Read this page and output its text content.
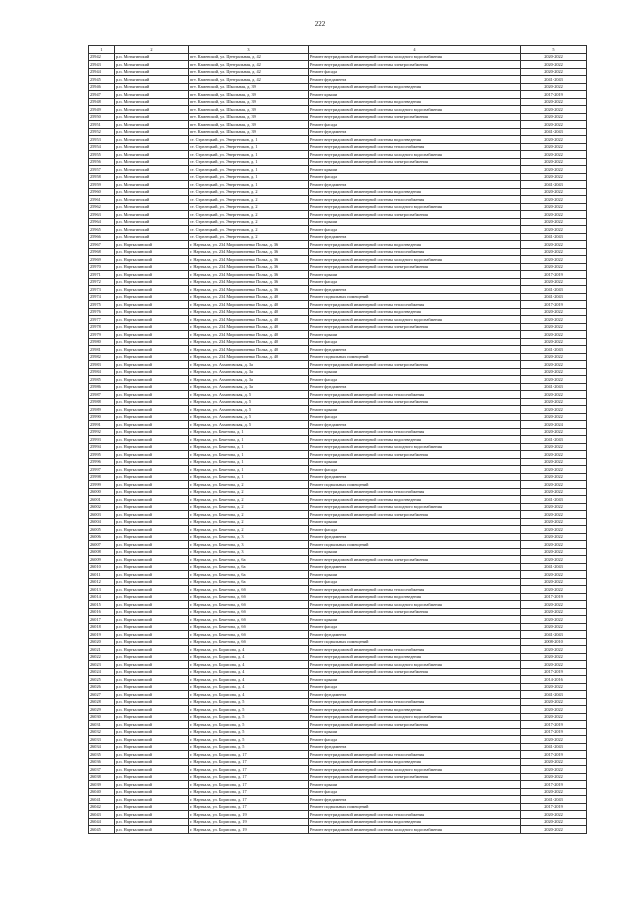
222
1	2	3	4	5
25942	р.п. Мотыгинский	пгт. Каменский, ул. Центральная, д. 42	Ремонт внутридомовой инженерной системы холодного водоснабжения	2020-2022
25943	р.п. Мотыгинский	пгт. Каменский, ул. Центральная, д. 42	Ремонт внутридомовой инженерной системы электроснабжения	2020-2022
25944	р.п. Мотыгинский	пгт. Каменский, ул. Центральная, д. 42	Ремонт фасада	2020-2022
25945	р.п. Мотыгинский	пгт. Каменский, ул. Центральная, д. 42	Ремонт фундамента	2041-2043
25946	р.п. Мотыгинский	пгт. Каменский, ул. Школьная, д. 39	Ремонт внутридомовой инженерной системы водоотведения	2020-2022
25947	р.п. Мотыгинский	пгт. Каменский, ул. Школьная, д. 39	Ремонт крыши	2017-2019
25948	р.п. Мотыгинский	пгт. Каменский, ул. Школьная, д. 39	Ремонт внутридомовой инженерной системы водоотведения	2020-2022
25949	р.п. Мотыгинский	пгт. Каменский, ул. Школьная, д. 39	Ремонт внутридомовой инженерной системы холодного водоснабжения	2020-2022
25950	р.п. Мотыгинский	пгт. Каменский, ул. Школьная, д. 39	Ремонт внутридомовой инженерной системы электроснабжения	2020-2022
25951	р.п. Мотыгинский	пгт. Каменский, ул. Школьная, д. 39	Ремонт фасада	2020-2022
25952	р.п. Мотыгинский	пгт. Каменский, ул. Школьная, д. 39	Ремонт фундамента	2041-2043
25953	р.п. Мотыгинский	ст. Стрелецкий, ул. Энергетиков, д. 1	Ремонт внутридомовой инженерной системы водоотведения	2020-2022
25954	р.п. Мотыгинский	ст. Стрелецкий, ул. Энергетиков, д. 1	Ремонт внутридомовой инженерной системы теплоснабжения	2020-2022
25955	р.п. Мотыгинский	ст. Стрелецкий, ул. Энергетиков, д. 1	Ремонт внутридомовой инженерной системы холодного водоснабжения	2020-2022
25956	р.п. Мотыгинский	ст. Стрелецкий, ул. Энергетиков, д. 1	Ремонт внутридомовой инженерной системы электроснабжения	2020-2022
25957	р.п. Мотыгинский	ст. Стрелецкий, ул. Энергетиков, д. 1	Ремонт крыши	2020-2022
25958	р.п. Мотыгинский	ст. Стрелецкий, ул. Энергетиков, д. 1	Ремонт фасада	2020-2022
25959	р.п. Мотыгинский	ст. Стрелецкий, ул. Энергетиков, д. 1	Ремонт фундамента	2041-2043
25960	р.п. Мотыгинский	ст. Стрелецкий, ул. Энергетиков, д. 2	Ремонт внутридомовой инженерной системы водоотведения	2020-2022
25961	р.п. Мотыгинский	ст. Стрелецкий, ул. Энергетиков, д. 2	Ремонт внутридомовой инженерной системы теплоснабжения	2020-2022
25962	р.п. Мотыгинский	ст. Стрелецкий, ул. Энергетиков, д. 2	Ремонт внутридомовой инженерной системы холодного водоснабжения	2020-2022
25963	р.п. Мотыгинский	ст. Стрелецкий, ул. Энергетиков, д. 2	Ремонт внутридомовой инженерной системы электроснабжения	2020-2022
25964	р.п. Мотыгинский	ст. Стрелецкий, ул. Энергетиков, д. 2	Ремонт крыши	2020-2022
25965	р.п. Мотыгинский	ст. Стрелецкий, ул. Энергетиков, д. 2	Ремонт фасада	2020-2022
25966	р.п. Мотыгинский	ст. Стрелецкий, ул. Энергетиков, д. 2	Ремонт фундамента	2041-2043
25967	р.п. Нарткалинский	г. Нарткала, ул. 234 Мирошниченко Полка, д. 36	Ремонт внутридомовой инженерной системы водоотведения	2020-2022
25968	р.п. Нарткалинский	г. Нарткала, ул. 234 Мирошниченко Полка, д. 36	Ремонт внутридомовой инженерной системы теплоснабжения	2020-2022
25969	р.п. Нарткалинский	г. Нарткала, ул. 234 Мирошниченко Полка, д. 36	Ремонт внутридомовой инженерной системы холодного водоснабжения	2020-2022
25970	р.п. Нарткалинский	г. Нарткала, ул. 234 Мирошниченко Полка, д. 36	Ремонт внутридомовой инженерной системы электроснабжения	2020-2022
25971	р.п. Нарткалинский	г. Нарткала, ул. 234 Мирошниченко Полка, д. 36	Ремонт крыши	2017-2019
25972	р.п. Нарткалинский	г. Нарткала, ул. 234 Мирошниченко Полка, д. 36	Ремонт фасада	2020-2022
25973	р.п. Нарткалинский	г. Нарткала, ул. 234 Мирошниченко Полка, д. 36	Ремонт фундамента	2041-2043
25974	р.п. Нарткалинский	г. Нарткала, ул. 234 Мирошниченко Полка, д. 40	Ремонт подвальных помещений	2041-2043
25975	р.п. Нарткалинский	г. Нарткала, ул. 234 Мирошниченко Полка, д. 40	Ремонт внутридомовой инженерной системы теплоснабжения	2017-2019
25976	р.п. Нарткалинский	г. Нарткала, ул. 234 Мирошниченко Полка, д. 40	Ремонт внутридомовой инженерной системы водоотведения	2020-2022
25977	р.п. Нарткалинский	г. Нарткала, ул. 234 Мирошниченко Полка, д. 40	Ремонт внутридомовой инженерной системы холодного водоснабжения	2020-2022
25978	р.п. Нарткалинский	г. Нарткала, ул. 234 Мирошниченко Полка, д. 40	Ремонт внутридомовой инженерной системы электроснабжения	2020-2022
25979	р.п. Нарткалинский	г. Нарткала, ул. 234 Мирошниченко Полка, д. 40	Ремонт крыши	2020-2022
25980	р.п. Нарткалинский	г. Нарткала, ул. 234 Мирошниченко Полка, д. 40	Ремонт фасада	2020-2022
25981	р.п. Нарткалинский	г. Нарткала, ул. 234 Мирошниченко Полка, д. 40	Ремонт фундамента	2041-2043
25982	р.п. Нарткалинский	г. Нарткала, ул. 234 Мирошниченко Полка, д. 40	Ремонт подвальных помещений	2020-2022
25983	р.п. Нарткалинский	г. Нарткала, ул. Ахматовская, д. 3а	Ремонт внутридомовой инженерной системы электроснабжения	2020-2022
25984	р.п. Нарткалинский	г. Нарткала, ул. Ахматовская, д. 3а	Ремонт крыши	2020-2022
25985	р.п. Нарткалинский	г. Нарткала, ул. Ахматовская, д. 3а	Ремонт фасада	2020-2022
25986	р.п. Нарткалинский	г. Нарткала, ул. Ахматовская, д. 3а	Ремонт фундамента	2041-2043
25987	р.п. Нарткалинский	г. Нарткала, ул. Ахматовская, д. 5	Ремонт внутридомовой инженерной системы теплоснабжения	2020-2022
25988	р.п. Нарткалинский	г. Нарткала, ул. Ахматовская, д. 5	Ремонт внутридомовой инженерной системы электроснабжения	2020-2022
25989	р.п. Нарткалинский	г. Нарткала, ул. Ахматовская, д. 5	Ремонт крыши	2020-2022
25990	р.п. Нарткалинский	г. Нарткала, ул. Ахматовская, д. 5	Ремонт фасада	2020-2022
25991	р.п. Нарткалинский	г. Нарткала, ул. Ахматовская, д. 5	Ремонт фундамента	2020-2024
25992	р.п. Нарткалинский	г. Нарткала, ул. Бекетова, д. 1	Ремонт внутридомовой инженерной системы теплоснабжения	2020-2022
25993	р.п. Нарткалинский	г. Нарткала, ул. Бекетова, д. 1	Ремонт внутридомовой инженерной системы водоотведения	2041-2043
25994	р.п. Нарткалинский	г. Нарткала, ул. Бекетова, д. 1	Ремонт внутридомовой инженерной системы холодного водоснабжения	2020-2022
25995	р.п. Нарткалинский	г. Нарткала, ул. Бекетова, д. 1	Ремонт внутридомовой инженерной системы электроснабжения	2020-2022
25996	р.п. Нарткалинский	г. Нарткала, ул. Бекетова, д. 1	Ремонт крыши	2020-2022
25997	р.п. Нарткалинский	г. Нарткала, ул. Бекетова, д. 1	Ремонт фасада	2020-2022
25998	р.п. Нарткалинский	г. Нарткала, ул. Бекетова, д. 1	Ремонт фундамента	2020-2022
25999	р.п. Нарткалинский	г. Нарткала, ул. Бекетова, д. 2	Ремонт подвальных помещений	2020-2022
26000	р.п. Нарткалинский	г. Нарткала, ул. Бекетова, д. 2	Ремонт внутридомовой инженерной системы теплоснабжения	2020-2022
26001	р.п. Нарткалинский	г. Нарткала, ул. Бекетова, д. 2	Ремонт внутридомовой инженерной системы водоотведения	2041-2043
26002	р.п. Нарткалинский	г. Нарткала, ул. Бекетова, д. 2	Ремонт внутридомовой инженерной системы холодного водоснабжения	2020-2022
26003	р.п. Нарткалинский	г. Нарткала, ул. Бекетова, д. 2	Ремонт внутридомовой инженерной системы электроснабжения	2020-2022
26004	р.п. Нарткалинский	г. Нарткала, ул. Бекетова, д. 2	Ремонт крыши	2020-2022
26005	р.п. Нарткалинский	г. Нарткала, ул. Бекетова, д. 2	Ремонт фасада	2020-2022
26006	р.п. Нарткалинский	г. Нарткала, ул. Бекетова, д. 3	Ремонт фундамента	2020-2022
26007	р.п. Нарткалинский	г. Нарткала, ул. Бекетова, д. 3	Ремонт подвальных помещений	2020-2022
26008	р.п. Нарткалинский	г. Нарткала, ул. Бекетова, д. 3	Ремонт крыши	2020-2022
26009	р.п. Нарткалинский	г. Нарткала, ул. Бекетова, д. 6а	Ремонт внутридомовой инженерной системы электроснабжения	2020-2022
26010	р.п. Нарткалинский	г. Нарткала, ул. Бекетова, д. 6а	Ремонт фундамента	2041-2043
26011	р.п. Нарткалинский	г. Нарткала, ул. Бекетова, д. 6а	Ремонт крыши	2020-2022
26012	р.п. Нарткалинский	г. Нарткала, ул. Бекетова, д. 6а	Ремонт фасада	2020-2022
26013	р.п. Нарткалинский	г. Нарткала, ул. Бекетова, д. 6б	Ремонт внутридомовой инженерной системы теплоснабжения	2020-2022
26014	р.п. Нарткалинский	г. Нарткала, ул. Бекетова, д. 6б	Ремонт внутридомовой инженерной системы водоотведения	2017-2019
26015	р.п. Нарткалинский	г. Нарткала, ул. Бекетова, д. 6б	Ремонт внутридомовой инженерной системы холодного водоснабжения	2020-2022
26016	р.п. Нарткалинский	г. Нарткала, ул. Бекетова, д. 6б	Ремонт внутридомовой инженерной системы электроснабжения	2020-2022
26017	р.п. Нарткалинский	г. Нарткала, ул. Бекетова, д. 6б	Ремонт крыши	2020-2022
26018	р.п. Нарткалинский	г. Нарткала, ул. Бекетова, д. 6б	Ремонт фасада	2020-2022
26019	р.п. Нарткалинский	г. Нарткала, ул. Бекетова, д. 6б	Ремонт фундамента	2041-2043
26020	р.п. Нарткалинский	г. Нарткала, ул. Бекетова, д. 6б	Ремонт подвальных помещений	2008-2010
26021	р.п. Нарткалинский	г. Нарткала, ул. Борисова, д. 4	Ремонт внутридомовой инженерной системы теплоснабжения	2020-2022
26022	р.п. Нарткалинский	г. Нарткала, ул. Борисова, д. 4	Ремонт внутридомовой инженерной системы водоотведения	2020-2022
26023	р.п. Нарткалинский	г. Нарткала, ул. Борисова, д. 4	Ремонт внутридомовой инженерной системы холодного водоснабжения	2020-2022
26024	р.п. Нарткалинский	г. Нарткала, ул. Борисова, д. 4	Ремонт внутридомовой инженерной системы электроснабжения	2017-2019
26025	р.п. Нарткалинский	г. Нарткала, ул. Борисова, д. 4	Ремонт крыши	2014-2016
26026	р.п. Нарткалинский	г. Нарткала, ул. Борисова, д. 4	Ремонт фасада	2020-2022
26027	р.п. Нарткалинский	г. Нарткала, ул. Борисова, д. 4	Ремонт фундамента	2041-2043
26028	р.п. Нарткалинский	г. Нарткала, ул. Борисова, д. 5	Ремонт внутридомовой инженерной системы теплоснабжения	2020-2022
26029	р.п. Нарткалинский	г. Нарткала, ул. Борисова, д. 5	Ремонт внутридомовой инженерной системы водоотведения	2020-2022
26030	р.п. Нарткалинский	г. Нарткала, ул. Борисова, д. 5	Ремонт внутридомовой инженерной системы холодного водоснабжения	2020-2022
26031	р.п. Нарткалинский	г. Нарткала, ул. Борисова, д. 5	Ремонт внутридомовой инженерной системы электроснабжения	2017-2019
26032	р.п. Нарткалинский	г. Нарткала, ул. Борисова, д. 5	Ремонт крыши	2017-2019
26033	р.п. Нарткалинский	г. Нарткала, ул. Борисова, д. 5	Ремонт фасада	2020-2022
26034	р.п. Нарткалинский	г. Нарткала, ул. Борисова, д. 5	Ремонт фундамента	2041-2043
26035	р.п. Нарткалинский	г. Нарткала, ул. Борисова, д. 17	Ремонт внутридомовой инженерной системы теплоснабжения	2017-2019
26036	р.п. Нарткалинский	г. Нарткала, ул. Борисова, д. 17	Ремонт внутридомовой инженерной системы водоотведения	2020-2022
26037	р.п. Нарткалинский	г. Нарткала, ул. Борисова, д. 17	Ремонт внутридомовой инженерной системы холодного водоснабжения	2020-2022
26038	р.п. Нарткалинский	г. Нарткала, ул. Борисова, д. 17	Ремонт внутридомовой инженерной системы электроснабжения	2020-2022
26039	р.п. Нарткалинский	г. Нарткала, ул. Борисова, д. 17	Ремонт крыши	2017-2019
26040	р.п. Нарткалинский	г. Нарткала, ул. Борисова, д. 17	Ремонт фасада	2020-2022
26041	р.п. Нарткалинский	г. Нарткала, ул. Борисова, д. 17	Ремонт фундамента	2041-2043
26042	р.п. Нарткалинский	г. Нарткала, ул. Борисова, д. 17	Ремонт подвальных помещений	2017-2019
26043	р.п. Нарткалинский	г. Нарткала, ул. Борисова, д. 19	Ремонт внутридомовой инженерной системы теплоснабжения	2020-2022
26044	р.п. Нарткалинский	г. Нарткала, ул. Борисова, д. 19	Ремонт внутридомовой инженерной системы водоотведения	2020-2022
26045	р.п. Нарткалинский	г. Нарткала, ул. Борисова, д. 19	Ремонт внутридомовой инженерной системы холодного водоснабжения	2020-2022
